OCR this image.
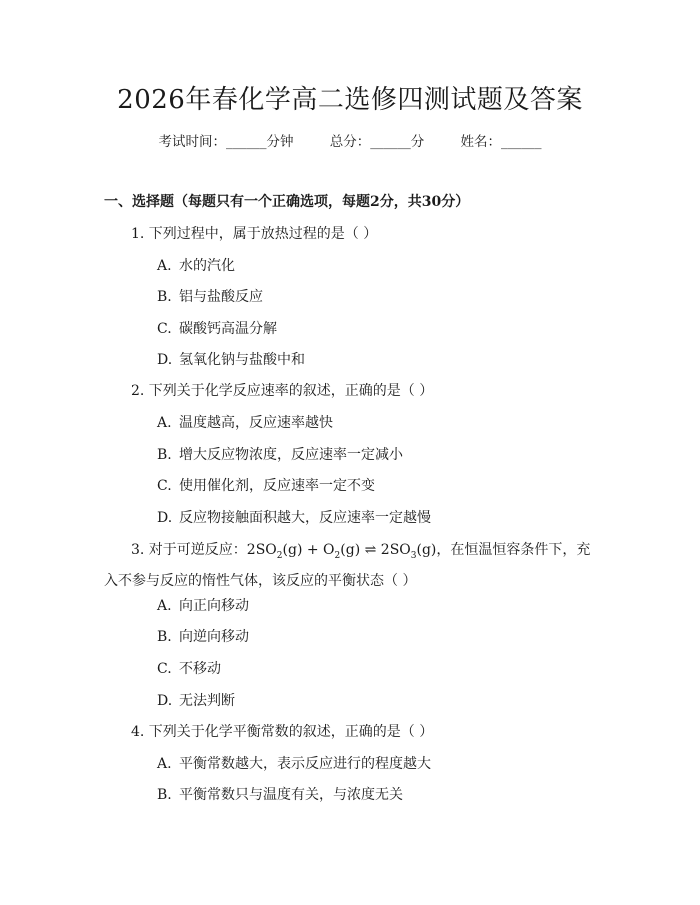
2026年春化学高二选修四测试题及答案
考试时间：______分钟	总分：______分	姓名：______
一、选择题（每题只有一个正确选项，每题2分，共30分）
1. 下列过程中，属于放热过程的是（ ）
A. 水的汽化
B. 铝与盐酸反应
C. 碳酸钙高温分解
D. 氢氧化钠与盐酸中和
2. 下列关于化学反应速率的叙述，正确的是（ ）
A. 温度越高，反应速率越快
B. 增大反应物浓度，反应速率一定减小
C. 使用催化剂，反应速率一定不变
D. 反应物接触面积越大，反应速率一定越慢
3. 对于可逆反应：$2SO_2(g) + O_2(g)$ ⇌ $2SO_3(g)$，在恒温恒容条件下，充入不参与反应的惰性气体，该反应的平衡状态（ ）
A. 向正向移动
B. 向逆向移动
C. 不移动
D. 无法判断
4. 下列关于化学平衡常数的叙述，正确的是（ ）
A. 平衡常数越大，表示反应进行的程度越大
B. 平衡常数只与温度有关，与浓度无关
